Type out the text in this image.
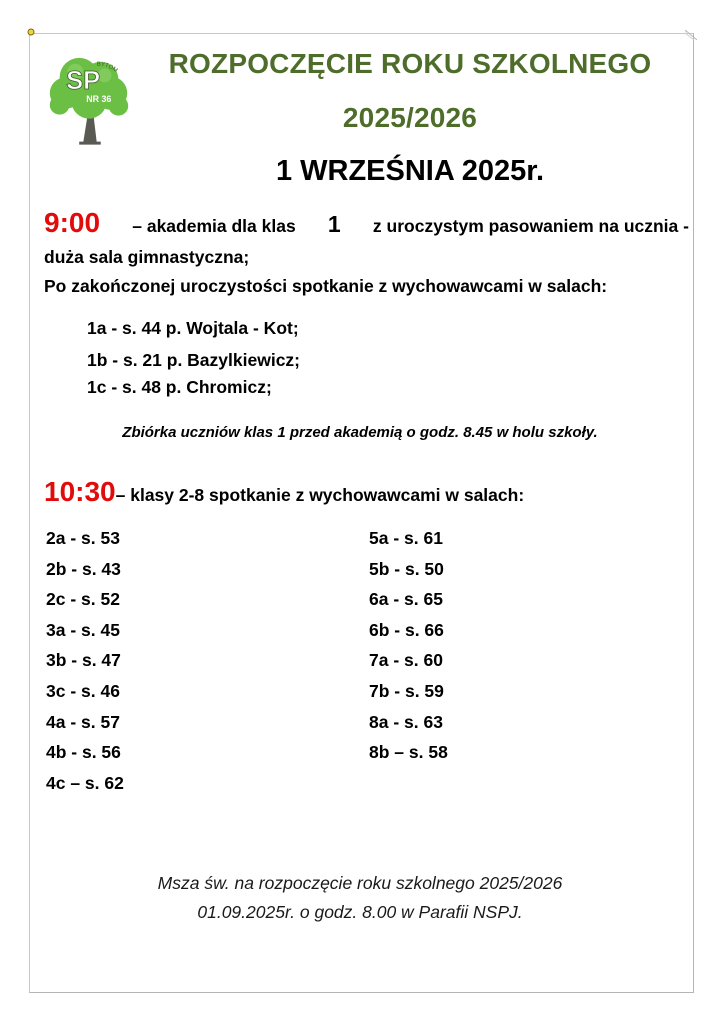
SP
NR 36
BYTOM	ROZPOCZĘCIE ROKU SZKOLNEGO
2025/2026
1 WRZEŚNIA 2025r.
9:00 – akademia dla klas 1 z uroczystym pasowaniem na ucznia -
duża sala gimnastyczna;
Po zakończonej uroczystości spotkanie z wychowawcami w salach:
1a - s. 44 p. Wojtala - Kot;
1b - s. 21 p. Bazylkiewicz;
1c - s. 48 p. Chromicz;
Zbiórka uczniów klas 1 przed akademią o godz. 8.45 w holu szkoły.
10:30– klasy 2-8 spotkanie z wychowawcami w salach:
2a - s. 53
2b - s. 43
2c - s. 52
3a - s. 45
3b - s. 47
3c - s. 46
4a - s. 57
4b - s. 56
4c – s. 62
5a - s. 61
5b - s. 50
6a - s. 65
6b - s. 66
7a - s. 60
7b - s. 59
8a - s. 63
8b – s. 58
Msza św. na rozpoczęcie roku szkolnego 2025/2026
01.09.2025r. o godz. 8.00 w Parafii NSPJ.
